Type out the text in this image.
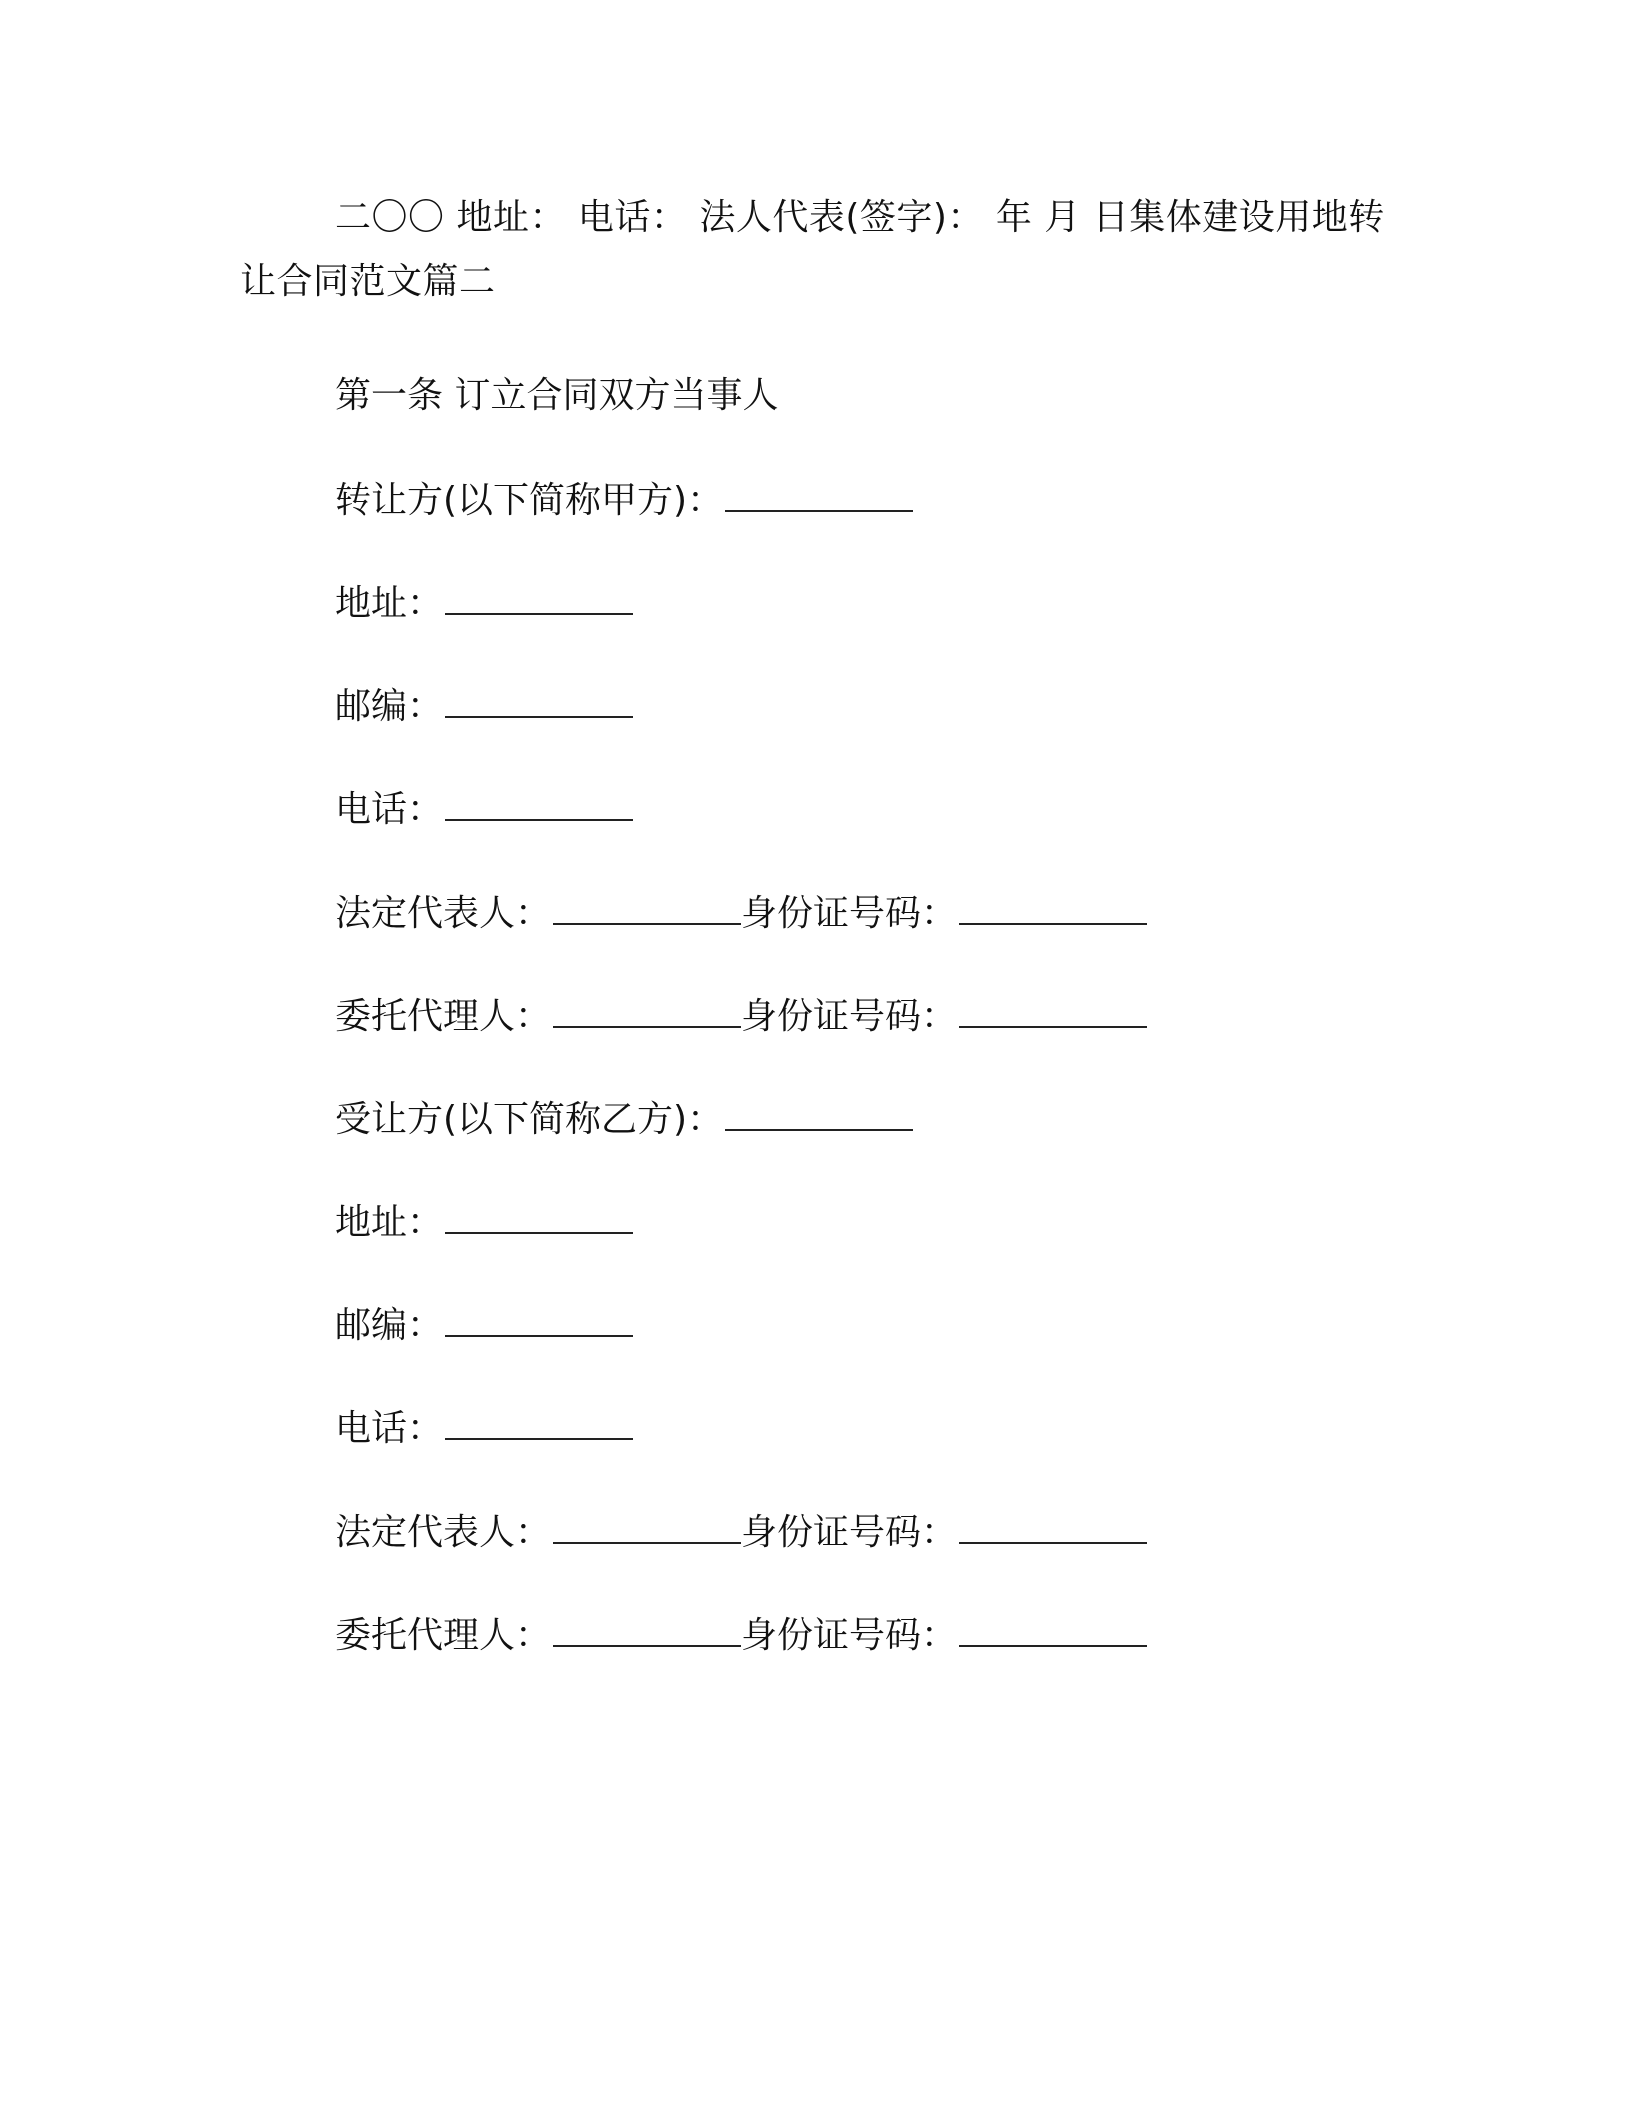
二〇〇 地址： 电话： 法人代表(签字)： 年 月 日集体建设用地转让合同范文篇二
第一条 订立合同双方当事人
转让方(以下简称甲方)：
地址：
邮编：
电话：
法定代表人：	身份证号码：
委托代理人：	身份证号码：
受让方(以下简称乙方)：
地址：
邮编：
电话：
法定代表人：	身份证号码：
委托代理人：	身份证号码：
